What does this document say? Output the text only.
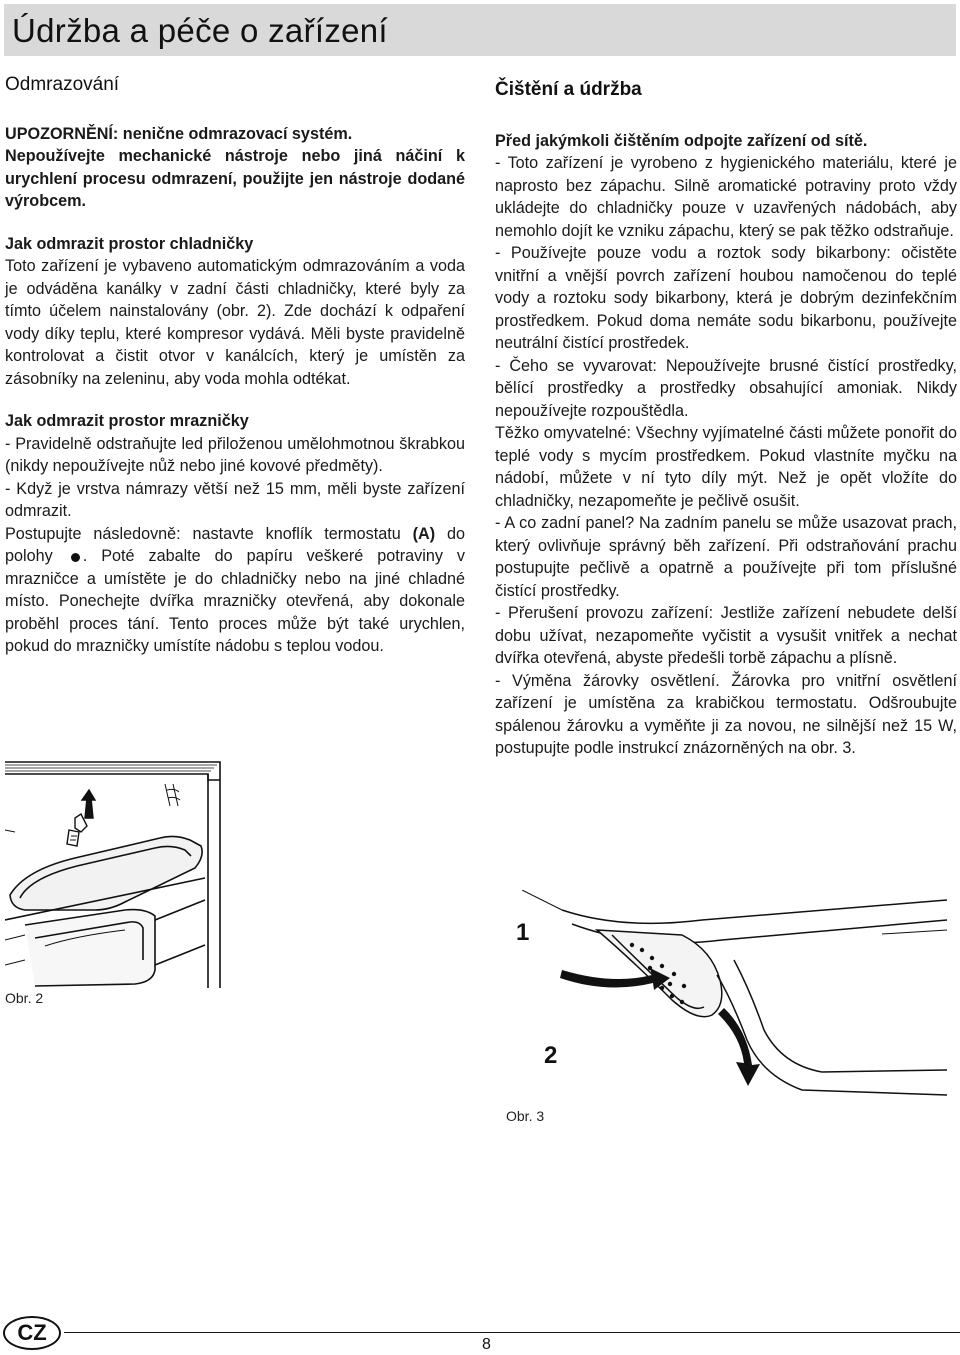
Údržba a péče o zařízení

Odmrazování

UPOZORNĚNÍ: nenične odmrazovací systém.

Nepoužívejte mechanické nástroje nebo jiná náčiní k urychlení procesu odmrazení, použijte jen nástroje dodané výrobcem.

Jak odmrazit prostor chladničky

Toto zařízení je vybaveno automatickým odmrazováním a voda je odváděna kanálky v zadní části chladničky, které byly za tímto účelem nainstalovány (obr. 2). Zde dochází k odpaření vody díky teplu, které kompresor vydává. Měli byste pravidelně kontrolovat a čistit otvor v kanálcích, který je umístěn za zásobníky na zeleninu, aby voda mohla odtékat.

Jak odmrazit prostor mrazničky

- Pravidelně odstraňujte led přiloženou umělohmotnou škrabkou (nikdy nepoužívejte nůž nebo jiné kovové předměty).

- Když je vrstva námrazy větší než 15 mm, měli byste zařízení odmrazit.

Postupujte následovně: nastavte knoflík termostatu (A) do polohy . Poté zabalte do papíru veškeré potraviny v mrazničce a umístěte je do chladničky nebo na jiné chladné místo. Ponechejte dvířka mrazničky otevřená, aby dokonale proběhl proces tání. Tento proces může být také urychlen, pokud do mrazničky umístíte nádobu s teplou vodou.

Obr. 2

Čištění a údržba

Před jakýmkoli čištěním odpojte zařízení od sítě.

- Toto zařízení je vyrobeno z hygienického materiálu, které je naprosto bez zápachu. Silně aromatické potraviny proto vždy ukládejte do chladničky pouze v uzavřených nádobách, aby nemohlo dojít ke vzniku zápachu, který se pak těžko odstraňuje.

- Používejte pouze vodu a roztok sody bikarbony: očistěte vnitřní a vnější povrch zařízení houbou namočenou do teplé vody a roztoku sody bikarbony, která je dobrým dezinfekčním prostředkem. Pokud doma nemáte sodu bikarbonu, používejte neutrální čistící prostředek.

- Čeho se vyvarovat: Nepoužívejte brusné čistící prostředky, bělící prostředky a prostředky obsahující amoniak. Nikdy nepoužívejte rozpouštědla.

Těžko omyvatelné: Všechny vyjímatelné části můžete ponořit do teplé vody s mycím prostředkem. Pokud vlastníte myčku na nádobí, můžete v ní tyto díly mýt. Než je opět vložíte do chladničky, nezapomeňte je pečlivě osušit.

- A co zadní panel? Na zadním panelu se může usazovat prach, který ovlivňuje správný běh zařízení. Při odstraňování prachu postupujte pečlivě a opatrně a používejte při tom příslušné čistící prostředky.

- Přerušení provozu zařízení: Jestliže zařízení nebudete delší dobu užívat, nezapomeňte vyčistit a vysušit vnitřek a nechat dvířka otevřená, abyste předešli torbě zápachu a plísně.

- Výměna žárovky osvětlení. Žárovka pro vnitřní osvětlení zařízení je umístěna za krabičkou termostatu. Odšroubujte spálenou žárovku a vyměňte ji za novou, ne silnější než 15 W, postupujte podle instrukcí znázorněných na obr. 3.

1
2
Obr. 3
CZ	8
